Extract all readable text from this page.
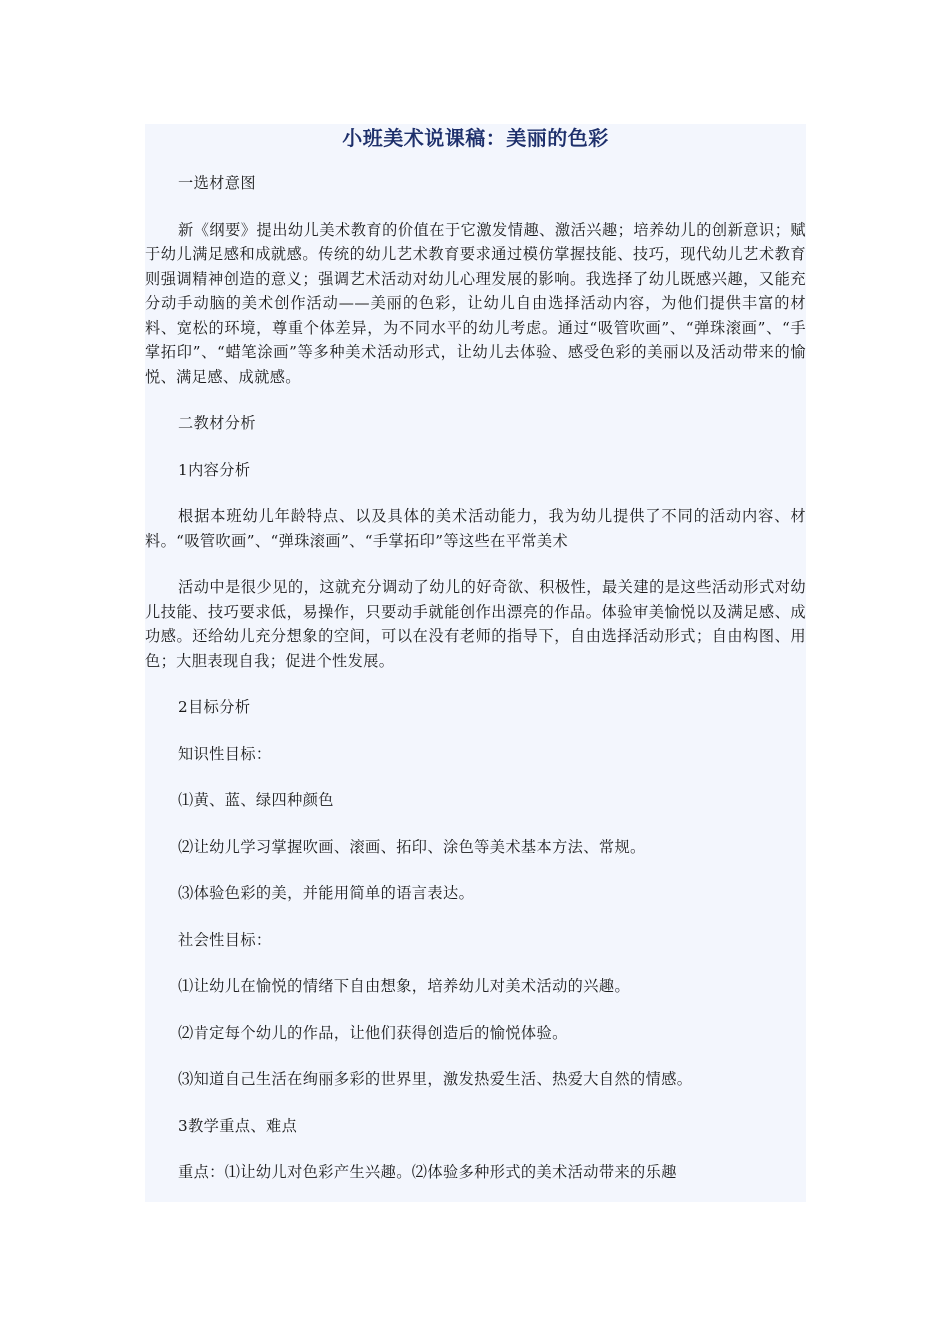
小班美术说课稿：美丽的色彩

一选材意图

新《纲要》提出幼儿美术教育的价值在于它激发情趣、激活兴趣；培养幼儿的创新意识；赋于幼儿满足感和成就感。传统的幼儿艺术教育要求通过模仿掌握技能、技巧，现代幼儿艺术教育则强调精神创造的意义；强调艺术活动对幼儿心理发展的影响。我选择了幼儿既感兴趣，又能充分动手动脑的美术创作活动——美丽的色彩，让幼儿自由选择活动内容，为他们提供丰富的材料、宽松的环境，尊重个体差异，为不同水平的幼儿考虑。通过“吸管吹画”、“弹珠滚画”、“手掌拓印”、“蜡笔涂画”等多种美术活动形式，让幼儿去体验、感受色彩的美丽以及活动带来的愉悦、满足感、成就感。

二教材分析

1内容分析

根据本班幼儿年龄特点、以及具体的美术活动能力，我为幼儿提供了不同的活动内容、材料。“吸管吹画”、“弹珠滚画”、“手掌拓印”等这些在平常美术

活动中是很少见的，这就充分调动了幼儿的好奇欲、积极性，最关建的是这些活动形式对幼儿技能、技巧要求低，易操作，只要动手就能创作出漂亮的作品。体验审美愉悦以及满足感、成功感。还给幼儿充分想象的空间，可以在没有老师的指导下，自由选择活动形式；自由构图、用色；大胆表现自我；促进个性发展。

2目标分析

知识性目标：

⑴黄、蓝、绿四种颜色

⑵让幼儿学习掌握吹画、滚画、拓印、涂色等美术基本方法、常规。

⑶体验色彩的美，并能用简单的语言表达。

社会性目标：

⑴让幼儿在愉悦的情绪下自由想象，培养幼儿对美术活动的兴趣。

⑵肯定每个幼儿的作品，让他们获得创造后的愉悦体验。

⑶知道自己生活在绚丽多彩的世界里，激发热爱生活、热爱大自然的情感。

3教学重点、难点

重点：⑴让幼儿对色彩产生兴趣。⑵体验多种形式的美术活动带来的乐趣
